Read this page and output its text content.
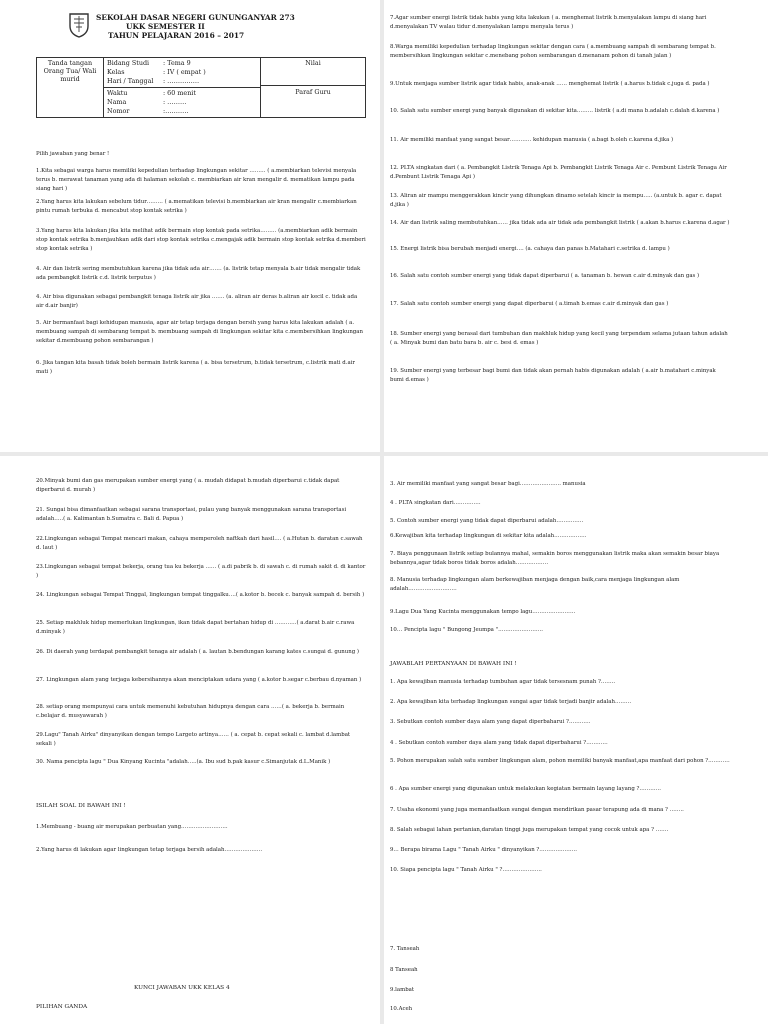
SEKOLAH DASAR NEGERI GUNUNGANYAR 273
UKK SEMESTER II
TAHUN PELAJARAN 2016 – 2017
Tanda tangan Orang Tua/ Wali murid	
Bidang Studi	: Tema 9
Kelas	: IV ( empat )
Hari / Tanggal	: ……………
Waktu	: 60 menit
Nama	: ………
Nomor	:………..

Nilai
Paraf Guru
Pilih jawaban yang benar !
1.Kita sebagai warga harus memiliki kepedulian terhadap lingkungan sekitar ……… ( a.membiarkan televisi menyala terus b. merawat tanaman yang ada di halaman sekolah c. membiarkan air kran mengalir d. mematikan lampu pada siang hari )
2.Yang harus kita lakukan sebelum tidur……… ( a.mematikan televisi b.membiarkan air kran mengalir c.membiarkan pintu rumah terbuka d. mencabut stop kontak setrika )
3.Yang harus kita lakukan jika kita melihat adik bermain stop kontak pada setrika……… (a.membiarkan adik bermain stop kontak setrika b.menjauhkan adik dari stop kontak setrika c.mengajak adik bermain stop kontak setrika d.memberi stop kontak setrika )
4. Air dan listrik sering membutuhkan karena jika tidak ada air……. (a. listrik tetap menyala b.air tidak mengalir tidak ada pembangkit listrik c.d. listrik terputus )
4. Air bisa digunakan sebagai pembangkit tenaga listrik air jika ……. (a. aliran air deras b.aliran air kecil c. tidak ada air d.air banjir)
5. Air bermanfaat bagi kehidupan manusia, agar air tetap terjaga dengan bersih yang harus kita lakukan adalah ( a. membuang sampah di sembarang tempat b. membuang sampah di lingkungan sekitar kita c.membersihkan lingkungan sekitar d.membuang pohon sembarangan )
6. Jika tangan kita basah tidak boleh bermain listrik karena ( a. bisa tersetrum, b.tidak tersetrum, c.listrik mati d.air mati )
7.Agar sumber energi listrik tidak habis yang kita lakukan ( a. menghemat listrik b.menyalakan lampu di siang hari d.menyalakan TV walau tidur d.menyalakan lampu menyala terus )
8.Warga memiliki kepedulian terhadap lingkungan sekitar dengan cara ( a.membuang sampah di sembarang tempat b. membersihkan lingkungan sekitar c.menebang pohon sembarangan d.menanam pohon di tanah jalan )
9.Untuk menjaga sumber listrik agar tidak habis, anak-anak …… menghemat listrik ( a.harus b.tidak c.juga d. pada )
10. Salah satu sumber energi yang banyak digunakan di sekitar kita……… listrik ( a.di mana b.adalah c.dalah d.karena )
11. Air memiliki manfaat yang sangat besar………… kehidupan manusia ( a.bagi b.oleh c.karena d.jika )
12. PLTA singkatan dari ( a. Pembangkit Listrik Tenaga Api b. Pembangkit Listrik Tenaga Air c. Pembunt Listrik Tenaga Air d.Pembunt Listrik Tenaga Api )
13. Aliran air mampu menggerakkan kincir yang dihungkan dinamo setelah kincir ia mempu….. (a.untuk b. agar c. dapat d.jika )
14. Air dan listrik saling membutuhkan…… jika tidak ada air tidak ada pembangkit listrik ( a.akan b.harus c.karena d.agar )
15. Energi listrik bisa berubah menjadi energi…. (a. cahaya dan panas b.Matahari c.setrika d. lampu )
16. Salah satu contoh sumber energi yang tidak dapat diperbarui ( a. tanaman b. hewan c.air d.minyak dan gas )
17. Salah satu contoh sumber energi yang dapat diperbarui ( a.timah b.emas c.air d.minyak dan gas )
18. Sumber energi yang berasal dari tumbuhan dan makhluk hidup yang kecil yang terpendam selama jutaan tahun adalah ( a. Minyak bumi dan batu bara b. air c. besi d. emas )
19. Sumber energi yang terbesar bagi bumi dan tidak akan pernah habis digunakan adalah ( a.air b.matahari c.minyak bumi d.emas )
20.Minyak bumi dan gas merupakan sumber energi yang ( a. mudah didapat b.mudah diperbarui c.tidak dapat diperbarui d. murah )
21. Sungai bisa dimanfaatkan sebagai sarana transportasi, pulau yang banyak menggunakan sarana transportasi adalah…..( a. Kalimantan b.Sumatra c. Bali d. Papua )
22.Lingkungan sebagai Tempat mencari makan, cahaya memperoleh naftkah dari hasil…. ( a.Hutan b. daratan c.sawah d. laut )
23.Lingkungan sebagai tempat bekerja, orang tua ku bekerja …… ( a.di pabrik b. di sawah c. di rumah sakit d. di kantor )
24. Lingkungan sebagai Tempat Tinggal, lingkungan tempat tinggalku….( a.kotor b. becek c. banyak sampah d. bersih )
25. Setiap makhluk hidup memerlukan lingkungan, ikan tidak dapat bertahan hidup di …………( a.darat b.air c.rawa d.minyak )
26. Di daerah yang terdapat pembangkit tenaga air adalah ( a. lautan b.bendungan karang kates c.sungai d. gunung )
27. Lingkungan alam yang terjaga kebersihannya akan menciptakan udara yang ( a.kotor b.segar c.berbau d.nyaman )
28. setiap orang mempunyai cara untuk memenuhi kebutuhan hidupnya dengan cara ……( a. bekerja b. bermain c.belajar d. musyawarah )
29.Lagu" Tanah Airku" dinyanyikan dengan tempo Largeto artinya…… ( a. cepat b. cepat sekali c. lambat d.lambat sekali )
30. Nama pencipta lagu " Dua Kinyang Kucinta "adalah…..(a. Ibu sud b.pak kasur c.Simanjutak d.L.Manik )
ISILAH SOAL DI BAWAH INI !
1.Membuang - buang air merupakan perbuatan yang……………………..
2.Yang harus di lakukan agar lingkungan tetap terjaga bersih adalah…………………
KUNCI JAWABAN UKK KELAS 4
PILIHAN GANDA
3. Air memiliki manfaat yang sangat besar bagi………………….. manusia
4 . PLTA singkatan dari……………
5. Contoh sumber energi yang tidak dapat diperbarui adalah……………
6.Kewajiban kita terhadap lingkungan di sekitar kita adalah………………
7. Biaya penggunaan listrik setiap bulannya mahal, semakin boros menggunakan listrik maka akan semakin besar biaya bebannya,agar tidak boros tidak boros adalah………………
8. Manusia terhadap lingkungan alam berkewajiban menjaga dengan baik,cara menjaga lingkungan alam adalah………………………
9.Lagu Dua Yang Kucinta menggunakan tempo lagu……………………
10… Pencipta lagu " Bungong Jeumpa "…………………….
JAWABLAH PERTANYAAN DI BAWAH INI !
1. Apa kewajiban manusia terhadap tumbuhan agar tidak tersesnam punah ?……..
2. Apa kewajiban kita terhadap lingkungan sungai agar tidak terjadi banjir adalah………
3. Sebutkan contoh sumber daya alam yang dapat diperbaharui ?…………
4 . Sebutkan contoh sumber daya alam yang tidak dapat diperbaharui ?…………
5. Pohon merupakan salah satu sumber lingkungan alam, pohon memiliki banyak manfaat,apa manfaat dari pohon ?…………
6 . Apa sumber energi yang digunakan untuk melakukan kegiatan bermain layang layang ?…………
7. Usaha ekonomi yang juga memanfaatkan sungai dengan mendirikan pasar terapung ada di mana ? ……..
8. Salah sebagai lahan pertanian,daratan tinggi juga merupakan tempat yang cocok untuk apa ? …….
9… Berapa birama Lagu " Tanah Airku " dinyanyikan ?…………………
10. Siapa pencipta lagu " Tanah Airku " ?………………….
7. Tanseah
8 Tanseah
9.lambat
10.Aceh
